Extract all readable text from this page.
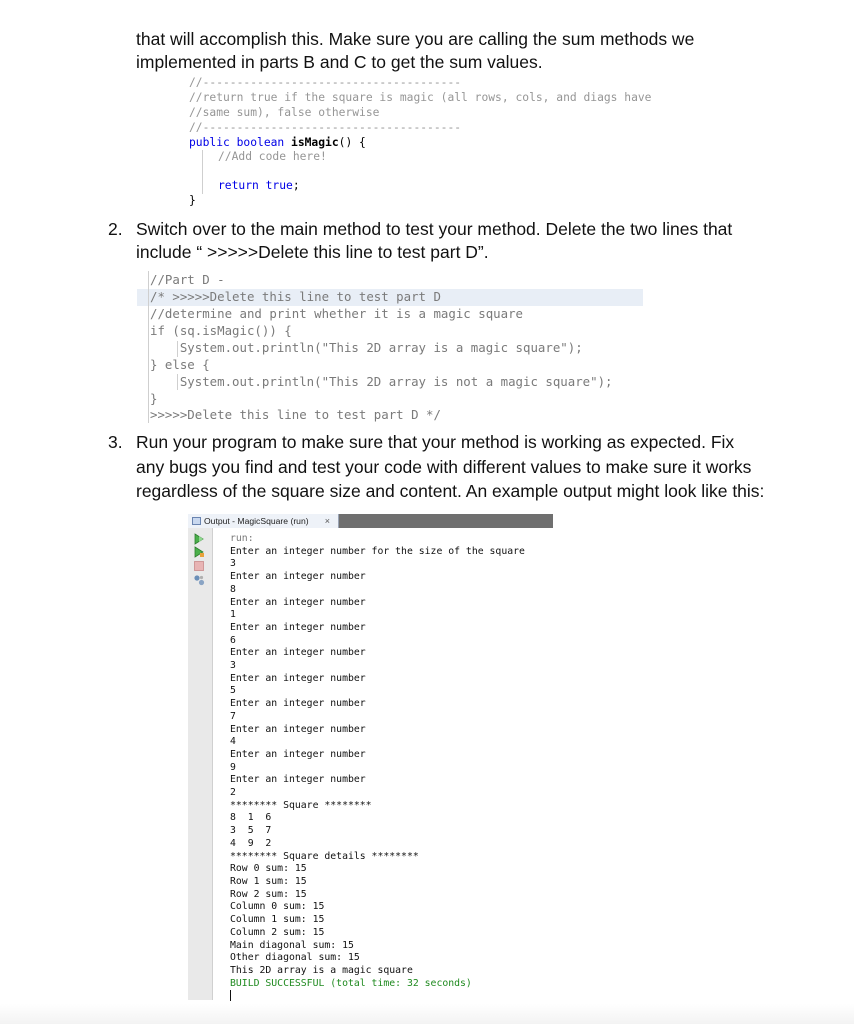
that will accomplish this. Make sure you are calling the sum methods we
implemented in parts B and C to get the sum values.
//--------------------------------------
//return true if the square is magic (all rows, cols, and diags have
//same sum), false otherwise
//--------------------------------------
public boolean isMagic() {
//Add code here!
return true;
}
2. Switch over to the main method to test your method. Delete the two lines that
include “ >>>>>Delete this line to test part D”.
//Part D -
/* >>>>>Delete this line to test part D
//determine and print whether it is a magic square
if (sq.isMagic()) {
System.out.println("This 2D array is a magic square");
} else {
System.out.println("This 2D array is not a magic square");
}
>>>>>Delete this line to test part D */
3. Run your program to make sure that your method is working as expected. Fix
any bugs you find and test your code with different values to make sure it works
regardless of the square size and content. An example output might look like this:
Output - MagicSquare (run) ×
run:
Enter an integer number for the size of the square
3
Enter an integer number
8
Enter an integer number
1
Enter an integer number
6
Enter an integer number
3
Enter an integer number
5
Enter an integer number
7
Enter an integer number
4
Enter an integer number
9
Enter an integer number
2
******** Square ********
8  1  6
3  5  7
4  9  2
******** Square details ********
Row 0 sum: 15
Row 1 sum: 15
Row 2 sum: 15
Column 0 sum: 15
Column 1 sum: 15
Column 2 sum: 15
Main diagonal sum: 15
Other diagonal sum: 15
This 2D array is a magic square
BUILD SUCCESSFUL (total time: 32 seconds)
